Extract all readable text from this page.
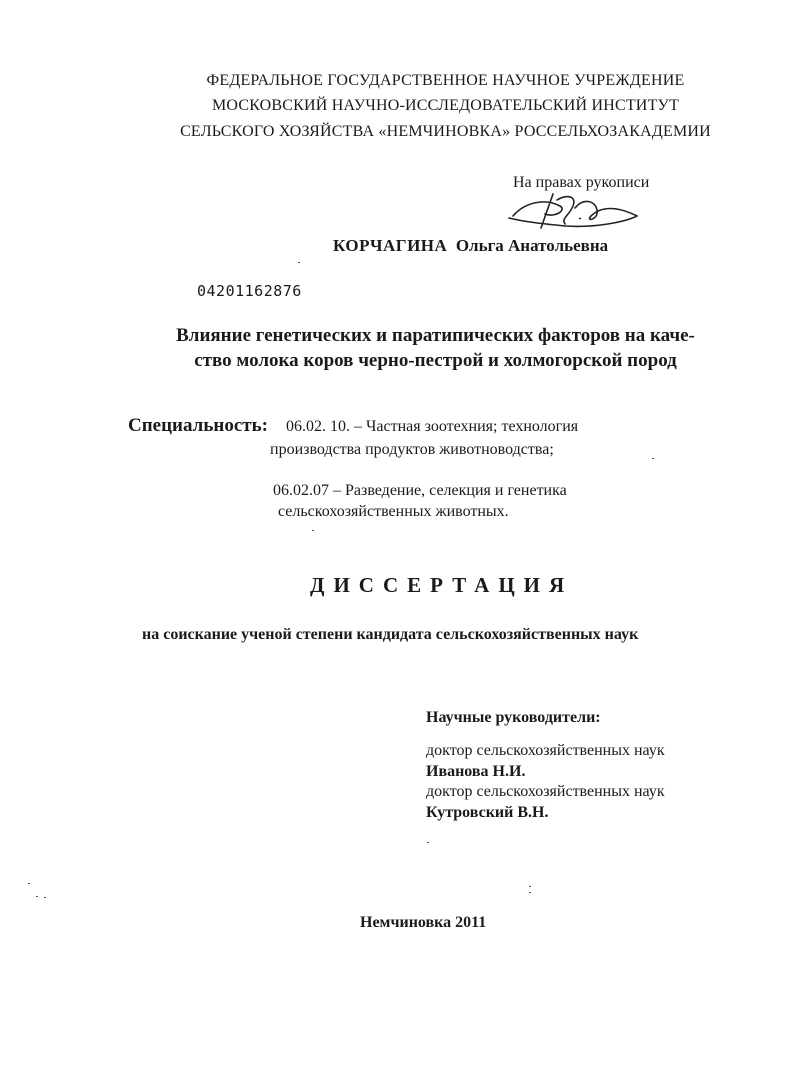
ФЕДЕРАЛЬНОЕ ГОСУДАРСТВЕННОЕ НАУЧНОЕ УЧРЕЖДЕНИЕ
МОСКОВСКИЙ НАУЧНО-ИССЛЕДОВАТЕЛЬСКИЙ ИНСТИТУТ
СЕЛЬСКОГО ХОЗЯЙСТВА «НЕМЧИНОВКА» РОССЕЛЬХОЗАКАДЕМИИ
На правах рукописи
КОРЧАГИНА Ольга Анатольевна
04201162876
Влияние генетических и паратипических факторов на каче-
ство молока коров черно-пестрой и холмогорской пород
Специальность: 06.02. 10. – Частная зоотехния; технология
производства продуктов животноводства;
06.02.07 – Разведение, селекция и генетика
сельскохозяйственных животных.
ДИССЕРТАЦИЯ
на соискание ученой степени кандидата сельскохозяйственных наук
Научные руководители:
доктор сельскохозяйственных наук
Иванова Н.И.
доктор сельскохозяйственных наук
Кутровский В.Н.
Немчиновка 2011
